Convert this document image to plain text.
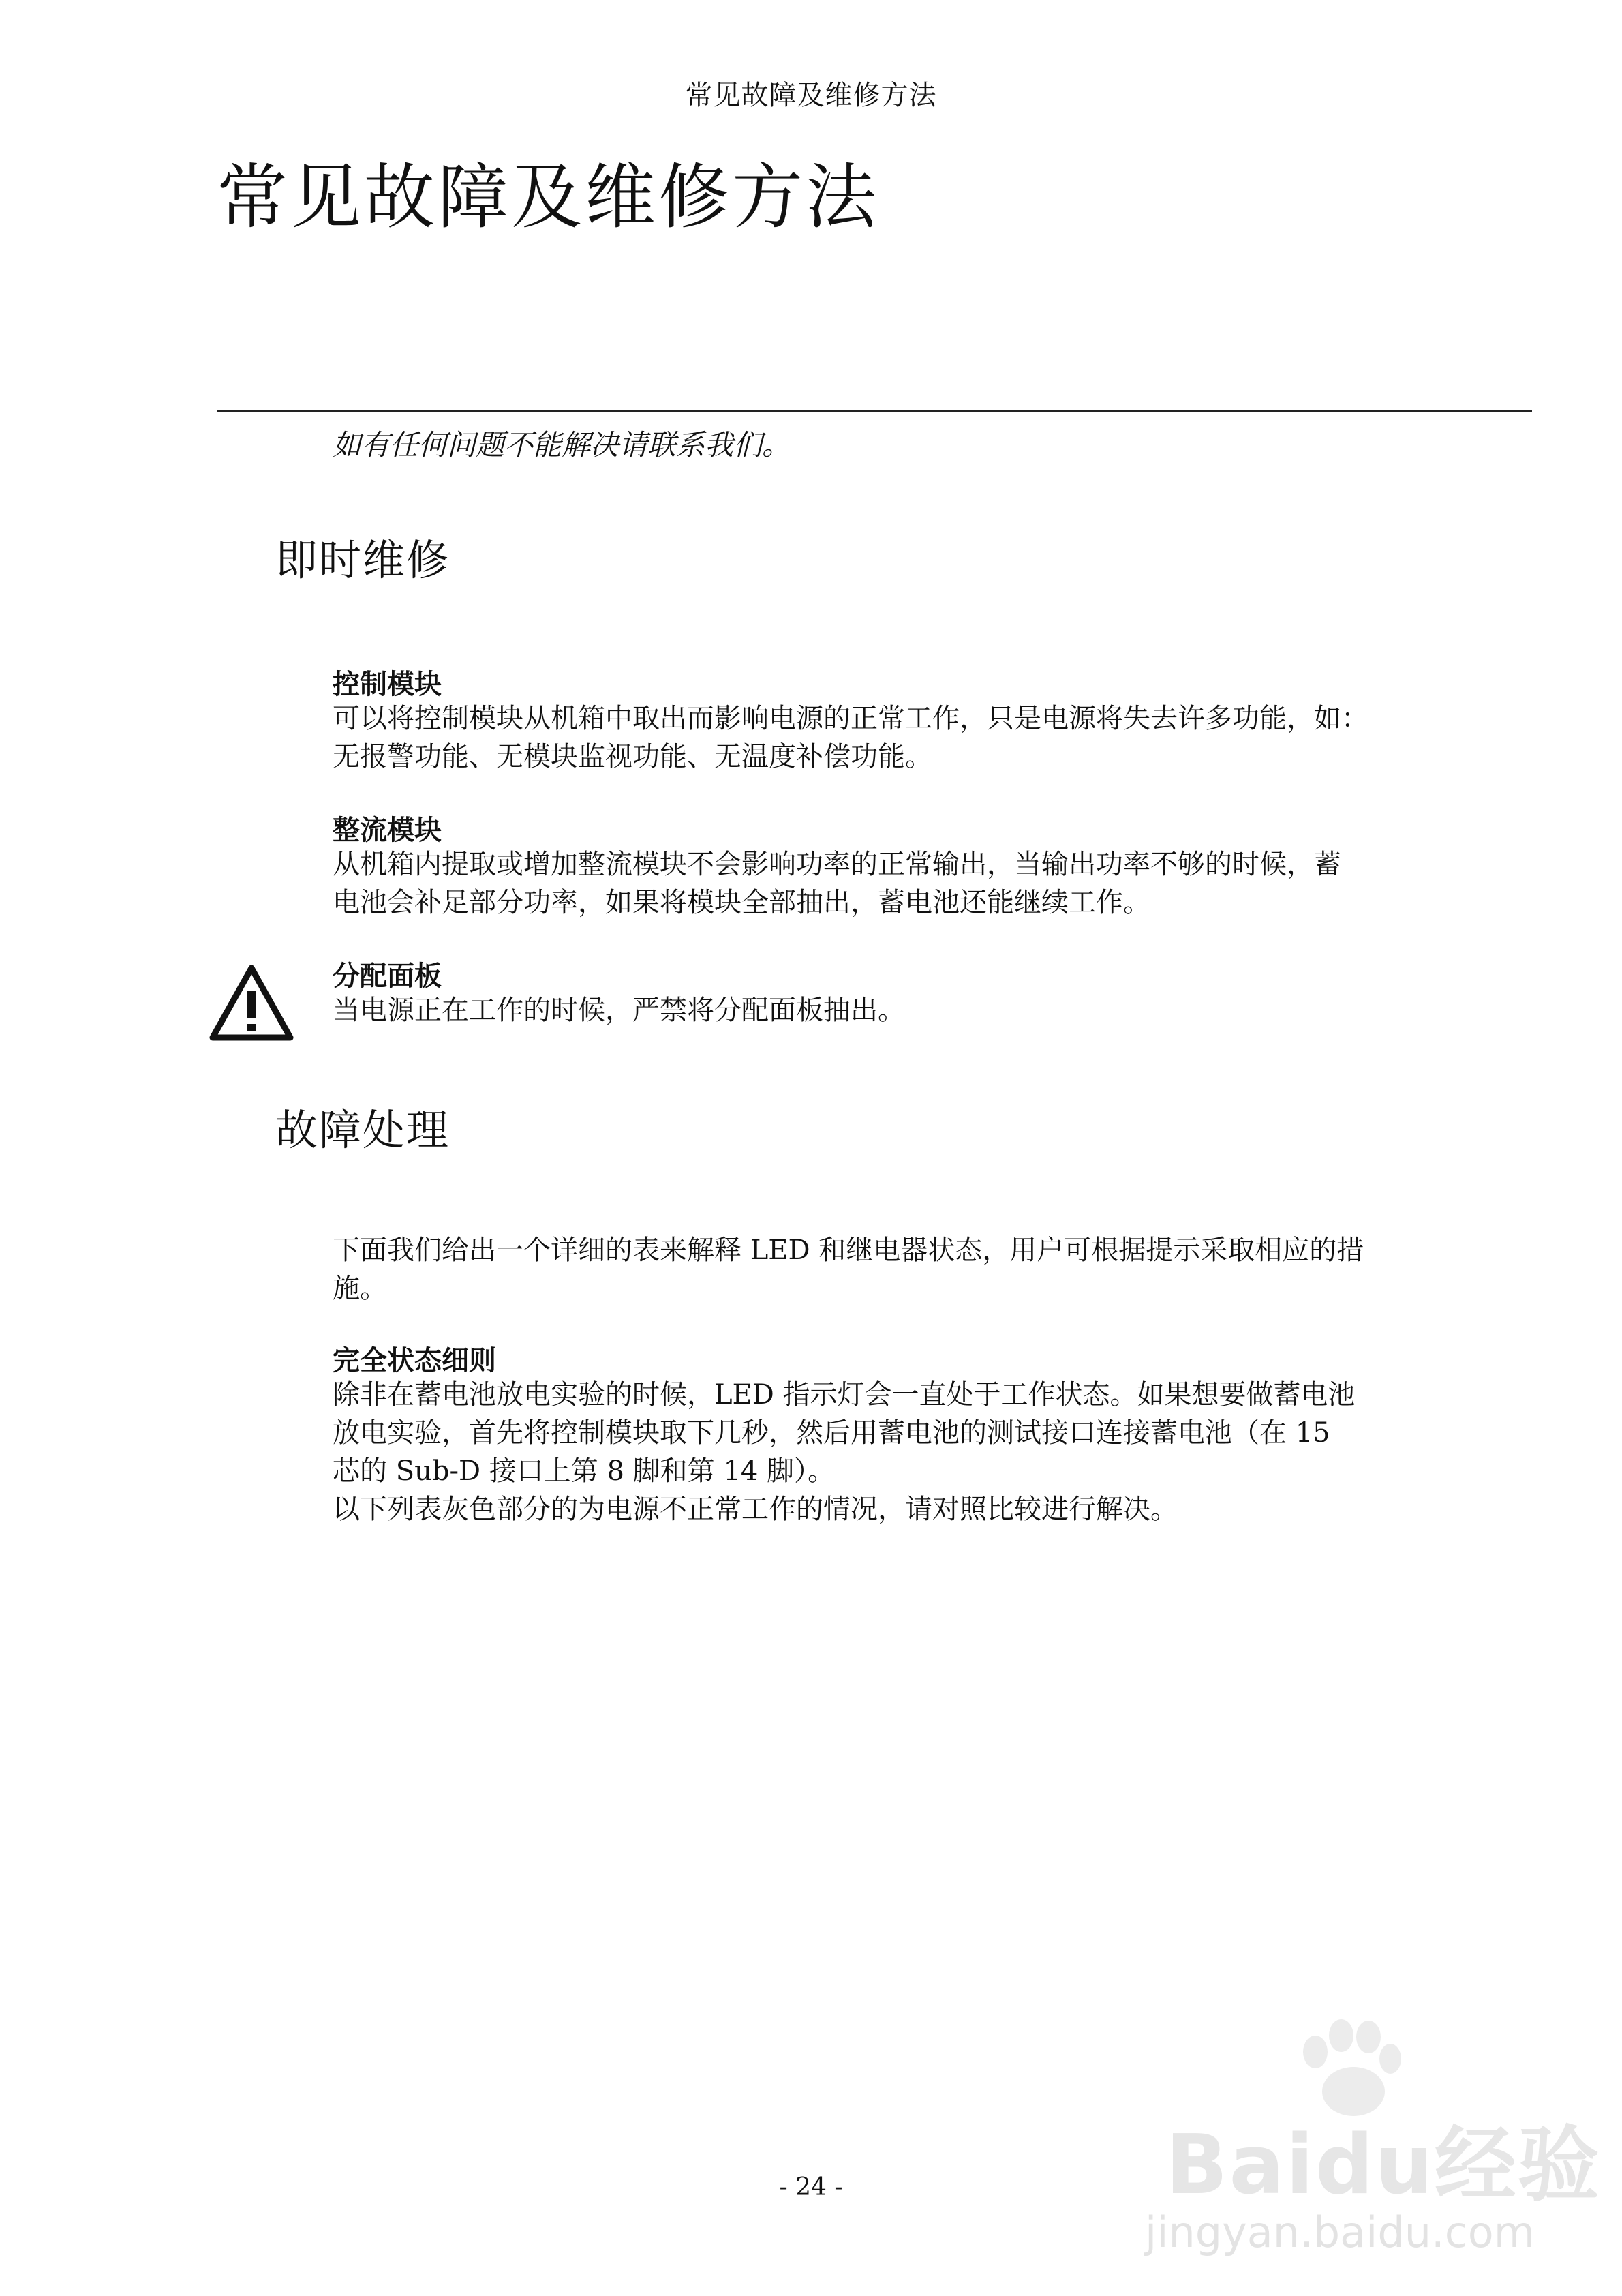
常见故障及维修方法
常见故障及维修方法
如有任何问题不能解决请联系我们。
即时维修
控制模块

可以将控制模块从机箱中取出而影响电源的正常工作，只是电源将失去许多功能，如：
无报警功能、无模块监视功能、无温度补偿功能。

整流模块

从机箱内提取或增加整流模块不会影响功率的正常输出，当输出功率不够的时候，蓄
电池会补足部分功率，如果将模块全部抽出，蓄电池还能继续工作。

分配面板

当电源正在工作的时候，严禁将分配面板抽出。

故障处理

下面我们给出一个详细的表来解释 LED 和继电器状态，用户可根据提示采取相应的措
施。

完全状态细则

除非在蓄电池放电实验的时候，LED 指示灯会一直处于工作状态。如果想要做蓄电池
放电实验，首先将控制模块取下几秒，然后用蓄电池的测试接口连接蓄电池（在 15
芯的 Sub-D 接口上第 8 脚和第 14 脚）。
以下列表灰色部分的为电源不正常工作的情况，请对照比较进行解决。

Baidu经验
jingyan.baidu.com
- 24 -
